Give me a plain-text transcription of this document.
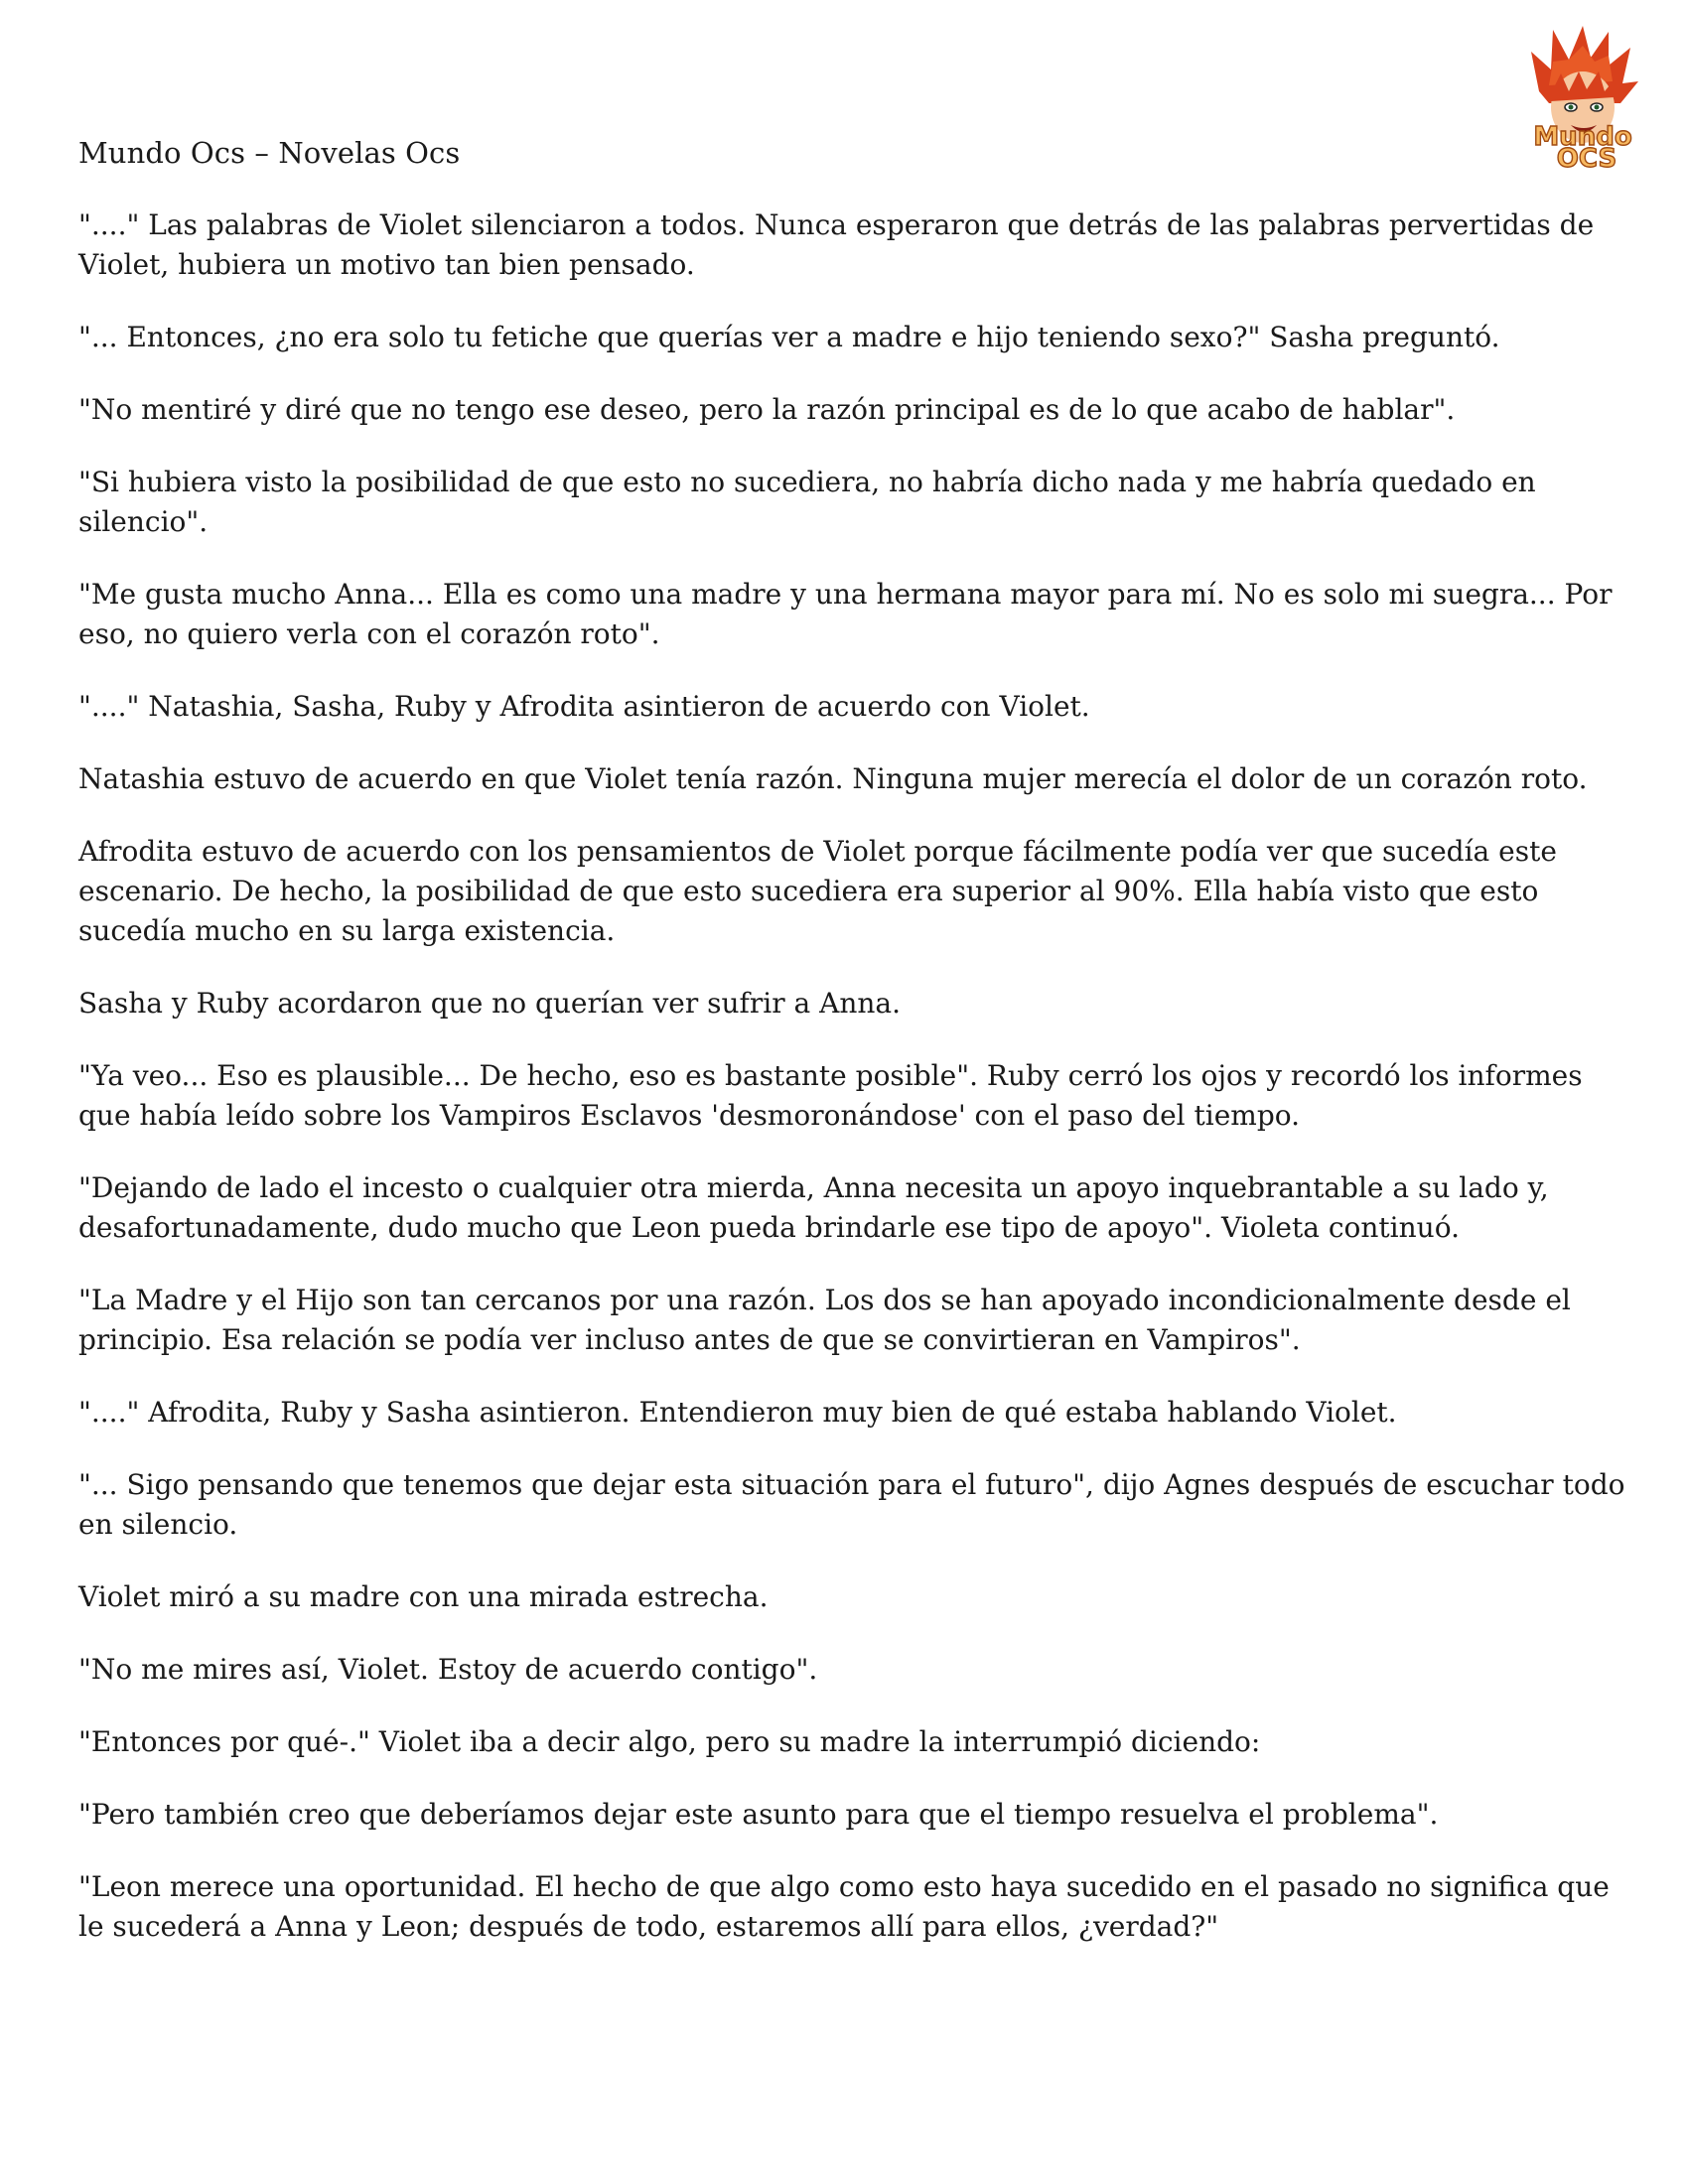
Mundo
OCS
Mundo Ocs – Novelas Ocs

"...." Las palabras de Violet silenciaron a todos. Nunca esperaron que detrás de las palabras pervertidas de Violet, hubiera un motivo tan bien pensado.

"... Entonces, ¿no era solo tu fetiche que querías ver a madre e hijo teniendo sexo?" Sasha preguntó.

"No mentiré y diré que no tengo ese deseo, pero la razón principal es de lo que acabo de hablar".

"Si hubiera visto la posibilidad de que esto no sucediera, no habría dicho nada y me habría quedado en silencio".

"Me gusta mucho Anna... Ella es como una madre y una hermana mayor para mí. No es solo mi suegra... Por eso, no quiero verla con el corazón roto".

"...." Natashia, Sasha, Ruby y Afrodita asintieron de acuerdo con Violet.

Natashia estuvo de acuerdo en que Violet tenía razón. Ninguna mujer merecía el dolor de un corazón roto.

Afrodita estuvo de acuerdo con los pensamientos de Violet porque fácilmente podía ver que sucedía este escenario. De hecho, la posibilidad de que esto sucediera era superior al 90%. Ella había visto que esto sucedía mucho en su larga existencia.

Sasha y Ruby acordaron que no querían ver sufrir a Anna.

"Ya veo... Eso es plausible... De hecho, eso es bastante posible". Ruby cerró los ojos y recordó los informes que había leído sobre los Vampiros Esclavos 'desmoronándose' con el paso del tiempo.

"Dejando de lado el incesto o cualquier otra mierda, Anna necesita un apoyo inquebrantable a su lado y, desafortunadamente, dudo mucho que Leon pueda brindarle ese tipo de apoyo". Violeta continuó.

"La Madre y el Hijo son tan cercanos por una razón. Los dos se han apoyado incondicionalmente desde el principio. Esa relación se podía ver incluso antes de que se convirtieran en Vampiros".

"...." Afrodita, Ruby y Sasha asintieron. Entendieron muy bien de qué estaba hablando Violet.

"... Sigo pensando que tenemos que dejar esta situación para el futuro", dijo Agnes después de escuchar todo en silencio.

Violet miró a su madre con una mirada estrecha.

"No me mires así, Violet. Estoy de acuerdo contigo".

"Entonces por qué-." Violet iba a decir algo, pero su madre la interrumpió diciendo:

"Pero también creo que deberíamos dejar este asunto para que el tiempo resuelva el problema".

"Leon merece una oportunidad. El hecho de que algo como esto haya sucedido en el pasado no significa que le sucederá a Anna y Leon; después de todo, estaremos allí para ellos, ¿verdad?"
